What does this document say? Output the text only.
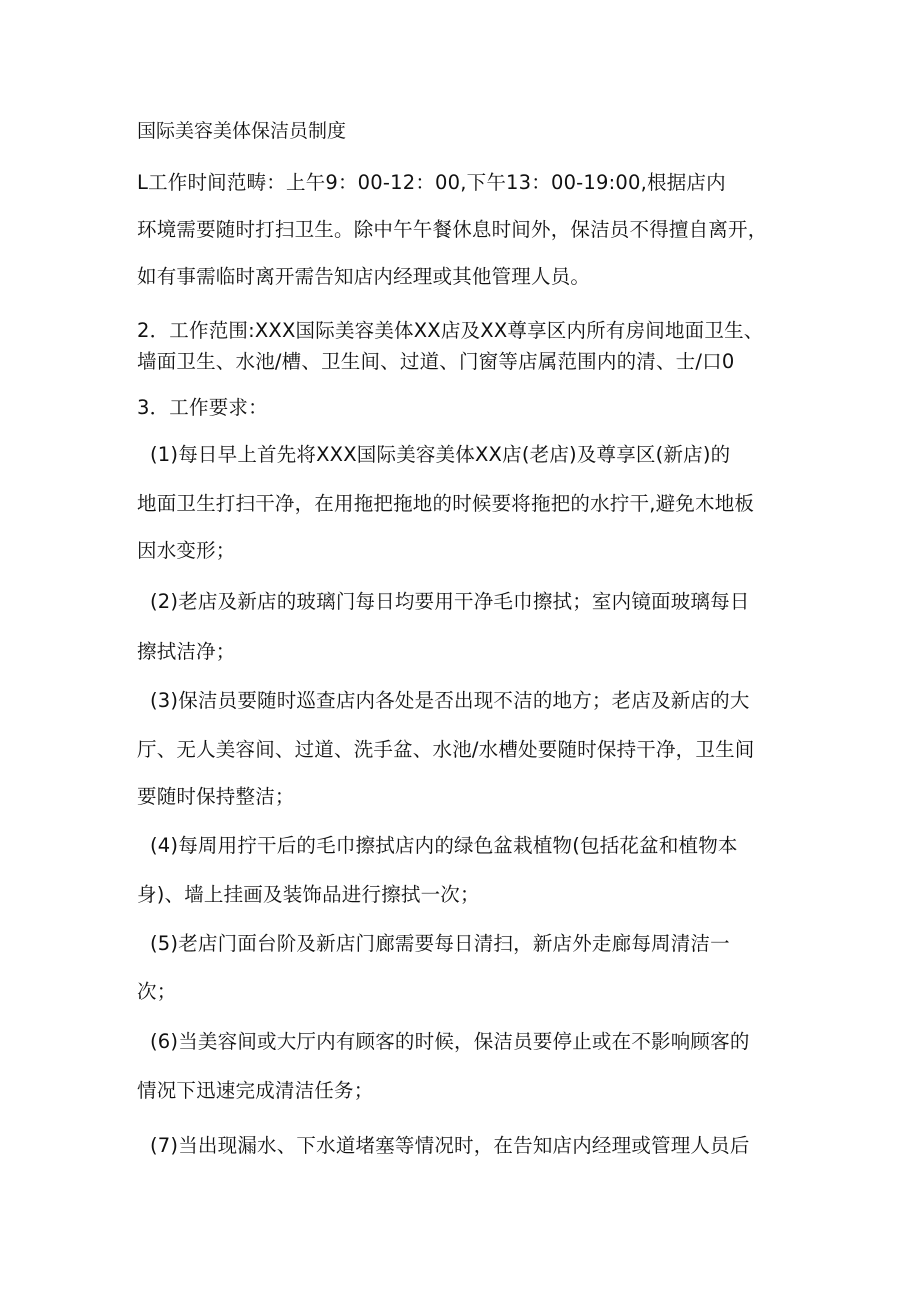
国际美容美体保洁员制度
L工作时间范畴：上午9：00-12：00,下午13：00-19:00,根据店内
环境需要随时打扫卫生。除中午午餐休息时间外，保洁员不得擅自离开，
如有事需临时离开需告知店内经理或其他管理人员。
2．工作范围:XXX国际美容美体XX店及XX尊享区内所有房间地面卫生、
墙面卫生、水池/槽、卫生间、过道、门窗等店属范围内的清、士/口0
3．工作要求：
(1)每日早上首先将XXX国际美容美体XX店(老店)及尊享区(新店)的
地面卫生打扫干净，在用拖把拖地的时候要将拖把的水拧干,避免木地板
因水变形；
(2)老店及新店的玻璃门每日均要用干净毛巾擦拭；室内镜面玻璃每日
擦拭洁净；
(3)保洁员要随时巡查店内各处是否出现不洁的地方；老店及新店的大
厅、无人美容间、过道、洗手盆、水池/水槽处要随时保持干净，卫生间
要随时保持整洁；
(4)每周用拧干后的毛巾擦拭店内的绿色盆栽植物(包括花盆和植物本
身)、墙上挂画及装饰品进行擦拭一次；
(5)老店门面台阶及新店门廊需要每日清扫，新店外走廊每周清洁一
次；
(6)当美容间或大厅内有顾客的时候，保洁员要停止或在不影响顾客的
情况下迅速完成清洁任务；
(7)当出现漏水、下水道堵塞等情况时，在告知店内经理或管理人员后
